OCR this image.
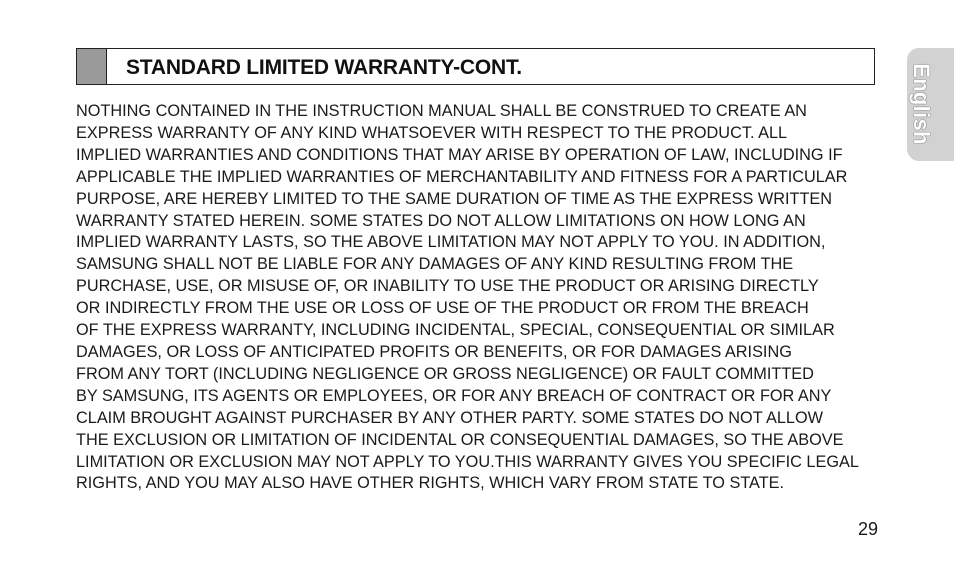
STANDARD LIMITED WARRANTY-CONT.	English

NOTHING CONTAINED IN THE INSTRUCTION MANUAL SHALL BE CONSTRUED TO CREATE AN
EXPRESS WARRANTY OF ANY KIND WHATSOEVER WITH RESPECT TO THE PRODUCT. ALL
IMPLIED WARRANTIES AND CONDITIONS THAT MAY ARISE BY OPERATION OF LAW, INCLUDING IF
APPLICABLE THE IMPLIED WARRANTIES OF MERCHANTABILITY AND FITNESS FOR A PARTICULAR
PURPOSE, ARE HEREBY LIMITED TO THE SAME DURATION OF TIME AS THE EXPRESS WRITTEN
WARRANTY STATED HEREIN. SOME STATES DO NOT ALLOW LIMITATIONS ON HOW LONG AN
IMPLIED WARRANTY LASTS, SO THE ABOVE LIMITATION MAY NOT APPLY TO YOU. IN ADDITION,
SAMSUNG SHALL NOT BE LIABLE FOR ANY DAMAGES OF ANY KIND RESULTING FROM THE
PURCHASE, USE, OR MISUSE OF, OR INABILITY TO USE THE PRODUCT OR ARISING DIRECTLY
OR INDIRECTLY FROM THE USE OR LOSS OF USE OF THE PRODUCT OR FROM THE BREACH
OF THE EXPRESS WARRANTY, INCLUDING INCIDENTAL, SPECIAL, CONSEQUENTIAL OR SIMILAR
DAMAGES, OR LOSS OF ANTICIPATED PROFITS OR BENEFITS, OR FOR DAMAGES ARISING
FROM ANY TORT (INCLUDING NEGLIGENCE OR GROSS NEGLIGENCE) OR FAULT COMMITTED
BY SAMSUNG, ITS AGENTS OR EMPLOYEES, OR FOR ANY BREACH OF CONTRACT OR FOR ANY
CLAIM BROUGHT AGAINST PURCHASER BY ANY OTHER PARTY. SOME STATES DO NOT ALLOW
THE EXCLUSION OR LIMITATION OF INCIDENTAL OR CONSEQUENTIAL DAMAGES, SO THE ABOVE
LIMITATION OR EXCLUSION MAY NOT APPLY TO YOU.THIS WARRANTY GIVES YOU SPECIFIC LEGAL
RIGHTS, AND YOU MAY ALSO HAVE OTHER RIGHTS, WHICH VARY FROM STATE TO STATE.

29
